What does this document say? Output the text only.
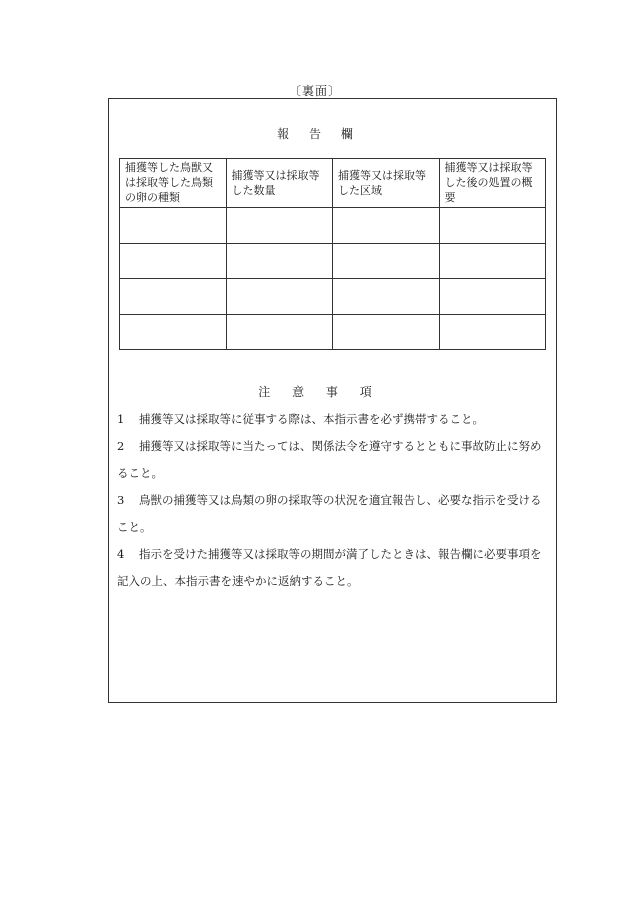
〔裏面〕
報 告 欄
捕獲等した鳥獣又は採取等した鳥類の卵の種類	捕獲等又は採取等した数量	捕獲等又は採取等した区域	捕獲等又は採取等した後の処置の概要

注 意 事 項
1	捕獲等又は採取等に従事する際は、本指示書を必ず携帯すること。
2	捕獲等又は採取等に当たっては、関係法令を遵守するとともに事故防止に努め
ること。
3	鳥獣の捕獲等又は鳥類の卵の採取等の状況を適宜報告し、必要な指示を受ける
こと。
4	指示を受けた捕獲等又は採取等の期間が満了したときは、報告欄に必要事項を
記入の上、本指示書を速やかに返納すること。
